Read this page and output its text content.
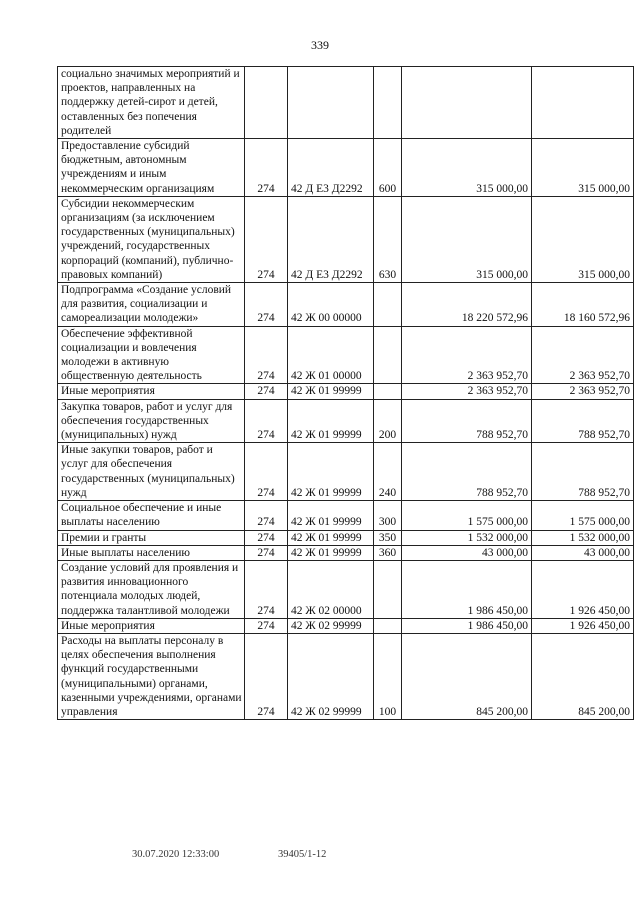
339
социально значимых мероприятий и проектов, направленных на поддержку детей-сирот и детей, оставленных без попечения родителей					
Предоставление субсидий бюджетным, автономным учреждениям и иным некоммерческим организациям	274	42 Д Е3 Д2292	600	315 000,00	315 000,00
Субсидии некоммерческим организациям (за исключением государственных (муниципальных) учреждений, государственных корпораций (компаний), публично-правовых компаний)	274	42 Д Е3 Д2292	630	315 000,00	315 000,00
Подпрограмма «Создание условий для развития, социализации и самореализации молодежи»	274	42 Ж 00 00000		18 220 572,96	18 160 572,96
Обеспечение эффективной социализации и вовлечения молодежи в активную общественную деятельность	274	42 Ж 01 00000		2 363 952,70	2 363 952,70
Иные мероприятия	274	42 Ж 01 99999		2 363 952,70	2 363 952,70
Закупка товаров, работ и услуг для обеспечения государственных (муниципальных) нужд	274	42 Ж 01 99999	200	788 952,70	788 952,70
Иные закупки товаров, работ и услуг для обеспечения государственных (муниципальных) нужд	274	42 Ж 01 99999	240	788 952,70	788 952,70
Социальное обеспечение и иные выплаты населению	274	42 Ж 01 99999	300	1 575 000,00	1 575 000,00
Премии и гранты	274	42 Ж 01 99999	350	1 532 000,00	1 532 000,00
Иные выплаты населению	274	42 Ж 01 99999	360	43 000,00	43 000,00
Создание условий для проявления и развития инновационного потенциала молодых людей, поддержка талантливой молодежи	274	42 Ж 02 00000		1 986 450,00	1 926 450,00
Иные мероприятия	274	42 Ж 02 99999		1 986 450,00	1 926 450,00
Расходы на выплаты персоналу в целях обеспечения выполнения функций государственными (муниципальными) органами, казенными учреждениями, органами управления	274	42 Ж 02 99999	100	845 200,00	845 200,00
30.07.2020 12:33:00	39405/1-12
